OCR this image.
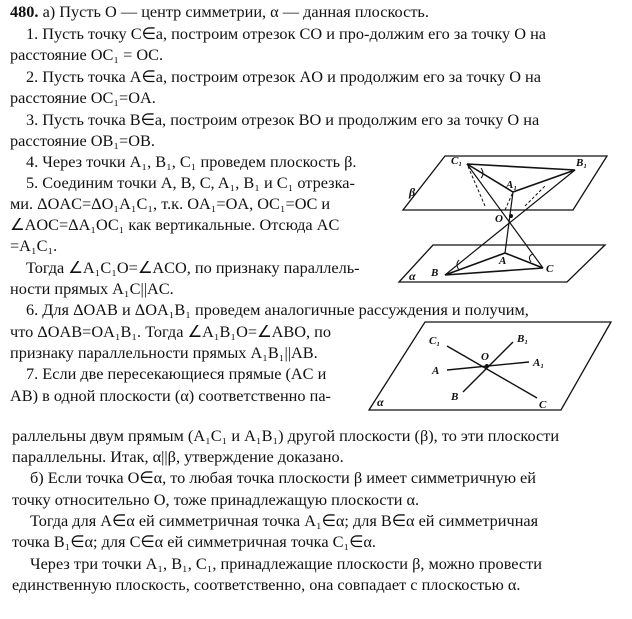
480. а) Пусть O — центр симметрии, α — данная плоскость.
1. Пусть точку C∈a, построим отрезок CO и про-должим его за точку O на
расстояние OC₁ = OC.
2. Пусть точка A∈a, построим отрезок AO и продолжим его за точку O на
расстояние OC₁=OA.
3. Пусть точка B∈a, построим отрезок BO и продолжим его за точку O на
расстояние OB₁=OB.
4. Через точки A₁, B₁, C₁ проведем плоскость β.
5. Соединим точки A, B, C, A₁, B₁ и C₁ отрезка-
ми. ΔOAC=ΔO₁A₁C₁, т.к. OA₁=OA, OC₁=OC и
∠AOC=ΔA₁OC₁ как вертикальные. Отсюда AC
=A₁C₁.
Тогда ∠A₁C₁O=∠ACO, по признаку параллель-
ности прямых A₁C||AC.
6. Для ΔOAB и ΔOA₁B₁ проведем аналогичные рассуждения и получим,
что ΔOAB=OA₁B₁. Тогда ∠A₁B₁O=∠ABO, по
признаку параллельности прямых A₁B₁||AB.
7. Если две пересекающиеся прямые (AC и
AB) в одной плоскости (α) соответственно па-
раллельны двум прямым (A₁C₁ и A₁B₁) другой плоскости (β), то эти плоскости
параллельны. Итак, α||β, утверждение доказано.
б) Если точка O∈α, то любая точка плоскости β имеет симметричную ей
точку относительно O, тоже принадлежащую плоскости α.
Тогда для A∈α ей симметричная точка A₁∈α; для B∈α ей симметричная
точка B₁∈α; для C∈α ей симметричная точка C₁∈α.
Через три точки A₁, B₁, C₁, принадлежащие плоскости β, можно провести
единственную плоскость, соответственно, она совпадает с плоскостью α.
C₁	B₁
A₁
β
O
A
B	C
α
C₁	B₁
A
O	A₁
B
C
α
